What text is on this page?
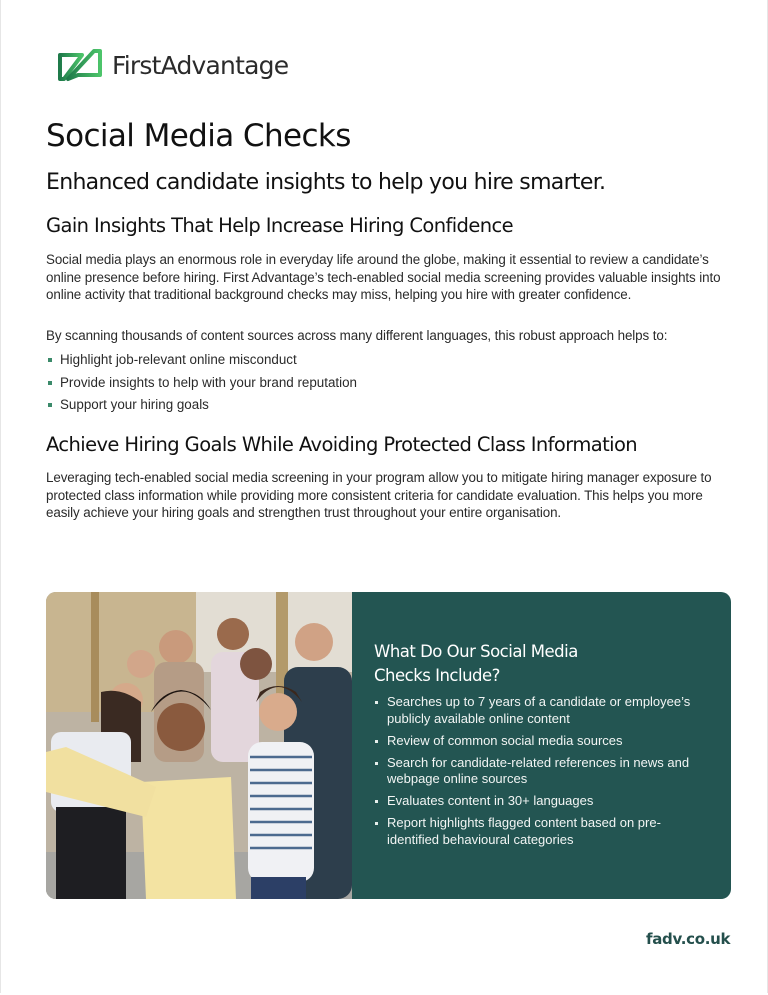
FirstAdvantage
Social Media Checks
Enhanced candidate insights to help you hire smarter.
Gain Insights That Help Increase Hiring Confidence

Social media plays an enormous role in everyday life around the globe, making it essential to review a candidate’s online presence before hiring. First Advantage’s tech-enabled social media screening provides valuable insights into online activity that traditional background checks may miss, helping you hire with greater confidence.

By scanning thousands of content sources across many different languages, this robust approach helps to:

Highlight job-relevant online misconduct
Provide insights to help with your brand reputation
Support your hiring goals
Achieve Hiring Goals While Avoiding Protected Class Information

Leveraging tech-enabled social media screening in your program allow you to mitigate hiring manager exposure to protected class information while providing more consistent criteria for candidate evaluation. This helps you more easily achieve your hiring goals and strengthen trust throughout your entire organisation.

What Do Our Social Media Checks Include?
Searches up to 7 years of a candidate or employee’s publicly available online content
Review of common social media sources
Search for candidate-related references in news and webpage online sources
Evaluates content in 30+ languages
Report highlights flagged content based on pre-identified behavioural categories
fadv.co.uk
